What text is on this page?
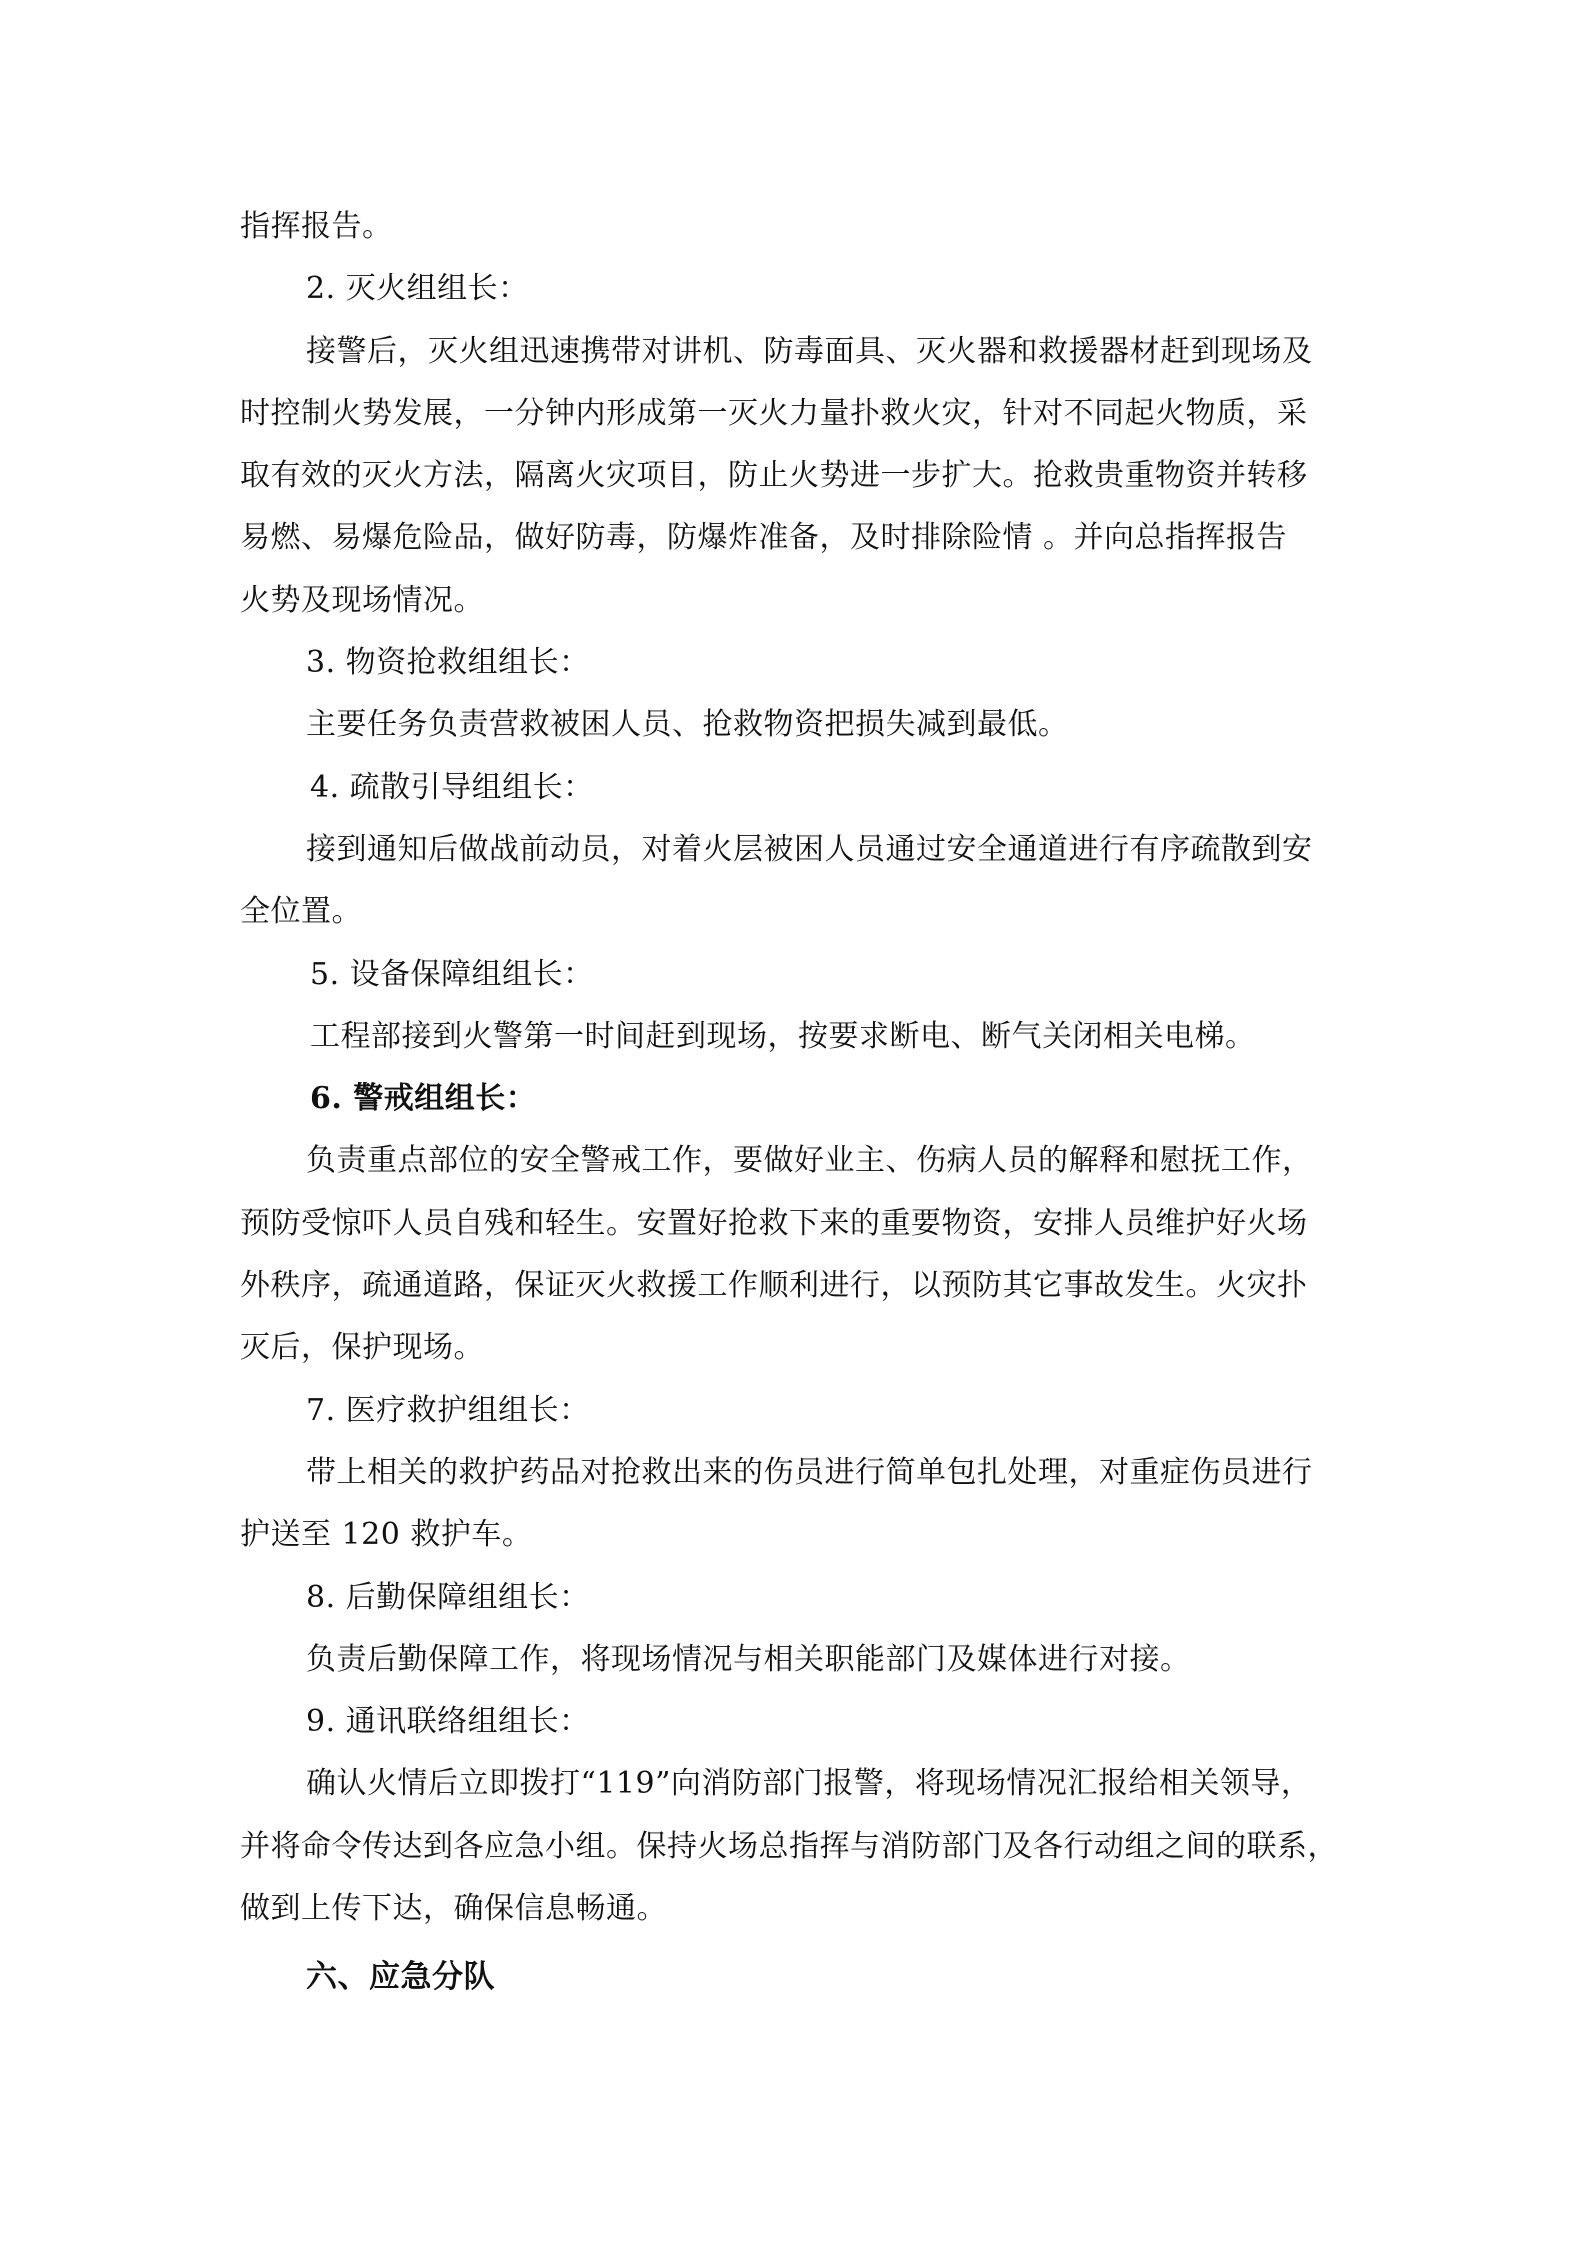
指挥报告。
2. 灭火组组长：
接警后，灭火组迅速携带对讲机、防毒面具、灭火器和救援器材赶到现场及
时控制火势发展，一分钟内形成第一灭火力量扑救火灾，针对不同起火物质，采
取有效的灭火方法，隔离火灾项目，防止火势进一步扩大。抢救贵重物资并转移
易燃、易爆危险品，做好防毒，防爆炸准备，及时排除险情 。并向总指挥报告
火势及现场情况。
3. 物资抢救组组长：
主要任务负责营救被困人员、抢救物资把损失减到最低。
4. 疏散引导组组长：
接到通知后做战前动员，对着火层被困人员通过安全通道进行有序疏散到安
全位置。
5. 设备保障组组长：
工程部接到火警第一时间赶到现场，按要求断电、断气关闭相关电梯。
6. 警戒组组长：
负责重点部位的安全警戒工作，要做好业主、伤病人员的解释和慰抚工作，
预防受惊吓人员自残和轻生。安置好抢救下来的重要物资，安排人员维护好火场
外秩序，疏通道路，保证灭火救援工作顺利进行，以预防其它事故发生。火灾扑
灭后，保护现场。
7. 医疗救护组组长：
带上相关的救护药品对抢救出来的伤员进行简单包扎处理，对重症伤员进行
护送至 120 救护车。
8. 后勤保障组组长：
负责后勤保障工作，将现场情况与相关职能部门及媒体进行对接。
9. 通讯联络组组长：
确认火情后立即拨打“119”向消防部门报警，将现场情况汇报给相关领导，
并将命令传达到各应急小组。保持火场总指挥与消防部门及各行动组之间的联系，
做到上传下达，确保信息畅通。
六、应急分队
